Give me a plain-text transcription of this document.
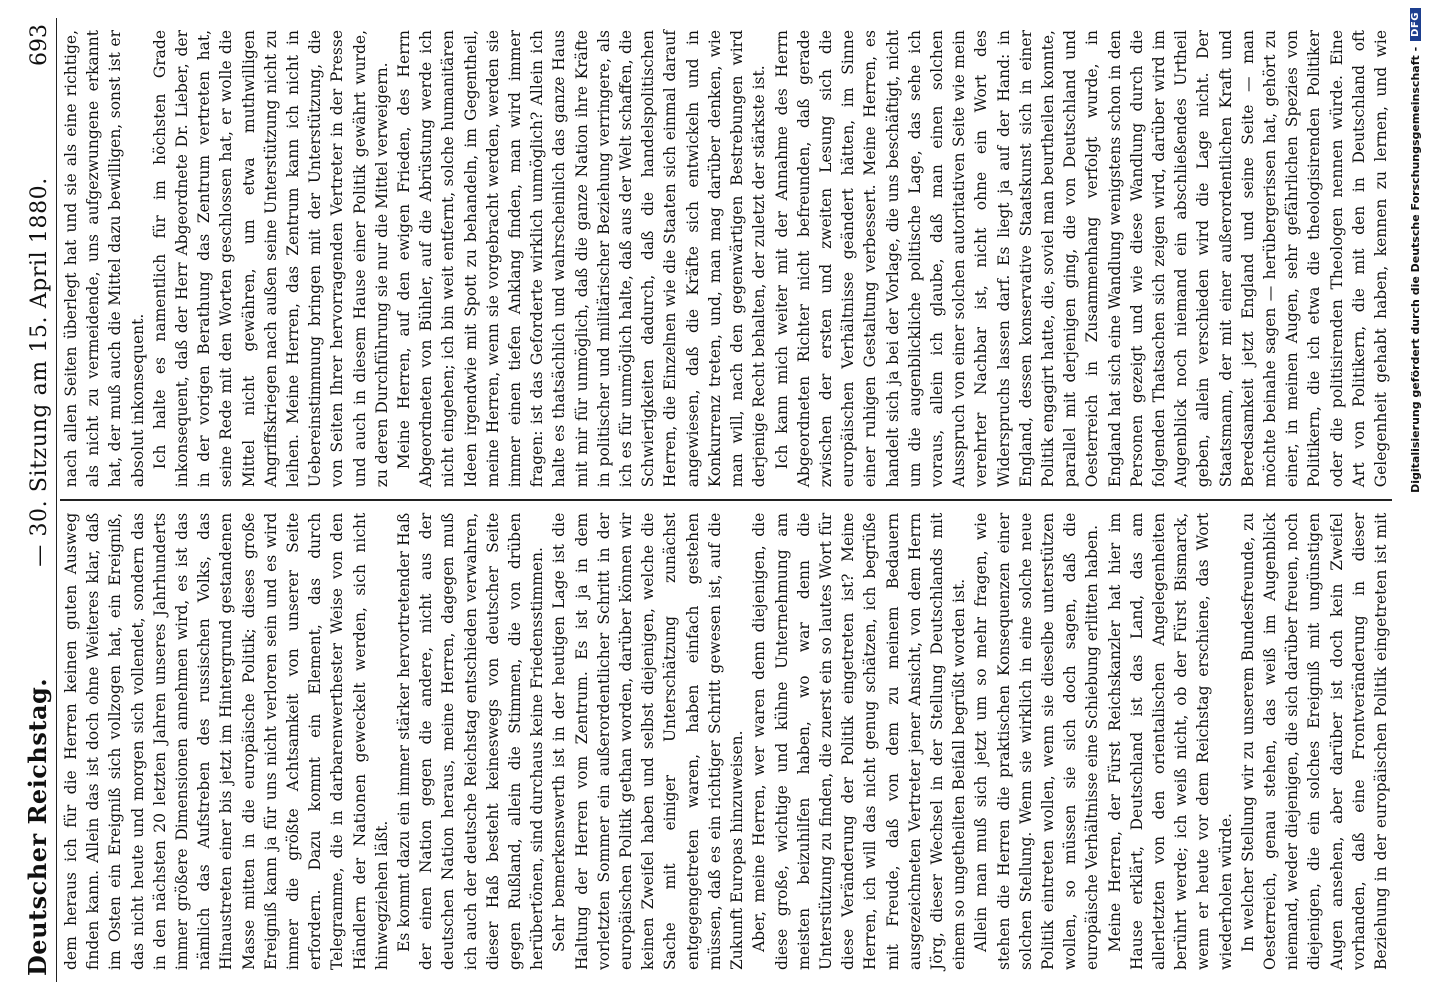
Deutscher Reichstag.
— 30. Sitzung am 15. April 1880.
693

dem heraus ich für die Herren keinen guten Ausweg finden kann. Allein das ist doch ohne Weiteres klar, daß im Osten ein Ereigniß sich vollzogen hat, ein Ereigniß, das nicht heute und morgen sich vollendet, sondern das in den nächsten 20 letzten Jahren unseres Jahrhunderts immer größere Dimensionen annehmen wird, es ist das nämlich das Aufstreben des russischen Volks, das Hinaustreten einer bis jetzt im Hintergrund gestandenen Masse mitten in die europäische Politik; dieses große Ereigniß kann ja für uns nicht verloren sein und es wird immer die größte Achtsamkeit von unserer Seite erfordern. Dazu kommt ein Element, das durch Telegramme, die in darbarenwerthester Weise von den Händlern der Nationen geweckelt werden, sich nicht hinwegziehen läßt. Es kommt dazu ein immer stärker hervortretender Haß der einen Nation gegen die andere, nicht aus der deutschen Nation heraus, meine Herren, dagegen muß ich auch der deutsche Reichstag entschieden verwahren, dieser Haß besteht keineswegs von deutscher Seite gegen Rußland, allein die Stimmen, die von drüben herübertönen, sind durchaus keine Friedensstimmen. Sehr bemerkenswerth ist in der heutigen Lage ist die Haltung der Herren vom Zentrum. Es ist ja in dem vorletzten Sommer ein außerordentlicher Schritt in der europäischen Politik gethan worden, darüber können wir keinen Zweifel haben und selbst diejenigen, welche die Sache mit einiger Unterschätzung zunächst entgegengetreten waren, haben einfach gestehen müssen, daß es ein richtiger Schritt gewesen ist, auf die Zukunft Europas hinzuweisen. Aber, meine Herren, wer waren denn diejenigen, die diese große, wichtige und kühne Unternehmung am meisten beizuhilfen haben, wo war denn die Unterstützung zu finden, die zuerst ein so lautes Wort für diese Veränderung der Politik eingetreten ist? Meine Herren, ich will das nicht genug schätzen, ich begrüße mit Freude, daß von dem zu meinem Bedauern ausgezeichneten Vertreter jener Ansicht, von dem Herrn Jörg, dieser Wechsel in der Stellung Deutschlands mit einem so ungetheilten Beifall begrüßt worden ist. Allein man muß sich jetzt um so mehr fragen, wie stehen die Herren die praktischen Konsequenzen einer solchen Stellung. Wenn sie wirklich in eine solche neue Politik eintreten wollen, wenn sie dieselbe unterstützen wollen, so müssen sie sich doch sagen, daß die europäische Verhältnisse eine Schiebung erlitten haben. Meine Herren, der Fürst Reichskanzler hat hier im Hause erklärt, Deutschland ist das Land, das am allerletzten von den orientalischen Angelegenheiten berührt werde; ich weiß nicht, ob der Fürst Bismarck, wenn er heute vor dem Reichstag erschiene, das Wort wiederholen würde. In welcher Stellung wir zu unserem Bundesfreunde, zu Oesterreich, genau stehen, das weiß im Augenblick niemand, weder diejenigen, die sich darüber freuen, noch diejenigen, die ein solches Ereigniß mit ungünstigen Augen ansehen, aber darüber ist doch kein Zweifel vorhanden, daß eine Frontveränderung in dieser Beziehung in der europäischen Politik eingetreten ist mit

nach allen Seiten überlegt hat und sie als eine richtige, als nicht zu vermeidende, uns aufgezwungene erkannt hat, der muß auch die Mittel dazu bewilligen, sonst ist er absolut inkonsequent. Ich halte es namentlich für im höchsten Grade inkonsequent, daß der Herr Abgeordnete Dr. Lieber, der in der vorigen Berathung das Zentrum vertreten hat, seine Rede mit den Worten geschlossen hat, er wolle die Mittel nicht gewähren, um etwa muthwilligen Angriffskriegen nach außen seine Unterstützung nicht zu leihen. Meine Herren, das Zentrum kann ich nicht in Uebereinstimmung bringen mit der Unterstützung, die von Seiten Ihrer hervorragenden Vertreter in der Presse und auch in diesem Hause einer Politik gewährt wurde, zu deren Durchführung sie nur die Mittel verweigern. Meine Herren, auf den ewigen Frieden, des Herrn Abgeordneten von Bühler, auf die Abrüstung werde ich nicht eingehen; ich bin weit entfernt, solche humanitären Ideen irgendwie mit Spott zu behandeln, im Gegentheil, meine Herren, wenn sie vorgebracht werden, werden sie immer einen tiefen Anklang finden, man wird immer fragen: ist das Geforderte wirklich unmöglich? Allein ich halte es thatsächlich und wahrscheinlich das ganze Haus mit mir für unmöglich, daß die ganze Nation ihre Kräfte in politischer und militärischer Beziehung verringere, als ich es für unmöglich halte, daß aus der Welt schaffen, die Schwierigkeiten dadurch, daß die handelspolitischen Herren, die Einzelnen wie die Staaten sich einmal darauf angewiesen, daß die Kräfte sich entwickeln und in Konkurrenz treten, und, man mag darüber denken, wie man will, nach den gegenwärtigen Bestrebungen wird derjenige Recht behalten, der zuletzt der stärkste ist. Ich kann mich weiter mit der Annahme des Herrn Abgeordneten Richter nicht befreunden, daß gerade zwischen der ersten und zweiten Lesung sich die europäischen Verhältnisse geändert hätten, im Sinne einer ruhigen Gestaltung verbessert. Meine Herren, es handelt sich ja bei der Vorlage, die uns beschäftigt, nicht um die augenblickliche politische Lage, das sehe ich voraus, allein ich glaube, daß man einen solchen Ausspruch von einer solchen autoritativen Seite wie mein verehrter Nachbar ist, nicht ohne ein Wort des Widerspruchs lassen darf. Es liegt ja auf der Hand: in England, dessen konservative Staatskunst sich in einer Politik engagirt hatte, die, soviel man beurtheilen konnte, parallel mit derjenigen ging, die von Deutschland und Oesterreich in Zusammenhang verfolgt wurde, in England hat sich eine Wandlung wenigstens schon in den Personen gezeigt und wie diese Wandlung durch die folgenden Thatsachen sich zeigen wird, darüber wird im Augenblick noch niemand ein abschließendes Urtheil geben, allein verschieden wird die Lage nicht. Der Staatsmann, der mit einer außerordentlichen Kraft und Beredsamkeit jetzt England und seine Seite — man möchte beinahe sagen — herübergerissen hat, gehört zu einer, in meinen Augen, sehr gefährlichen Spezies von Politikern, die ich etwa die theologisirenden Politiker oder die politisirenden Theologen nennen würde. Eine Art von Politikern, die mit den in Deutschland oft Gelegenheit gehabt haben, kennen zu lernen, und wie

Digitalisierung gefördert durch die Deutsche Forschungsgemeinschaft -
DFG
